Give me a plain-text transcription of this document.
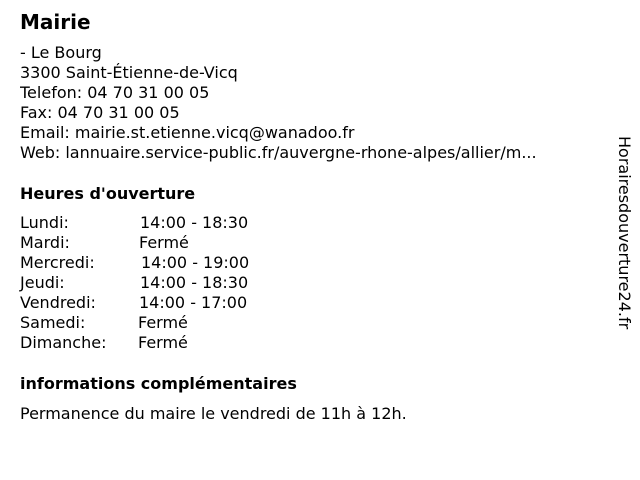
Mairie
- Le Bourg
3300 Saint-Étienne-de-Vicq
Telefon: 04 70 31 00 05
Fax: 04 70 31 00 05
Email: mairie.st.etienne.vicq@wanadoo.fr
Web: lannuaire.service-public.fr/auvergne-rhone-alpes/allier/m...
Heures d'ouverture
Lundi:	14:00 - 18:30
Mardi:	Fermé
Mercredi:	14:00 - 19:00
Jeudi:	14:00 - 18:30
Vendredi:	14:00 - 17:00
Samedi:	Fermé
Dimanche: Fermé
informations complémentaires
Permanence du maire le vendredi de 11h à 12h.
Horairesdouverture24.fr
